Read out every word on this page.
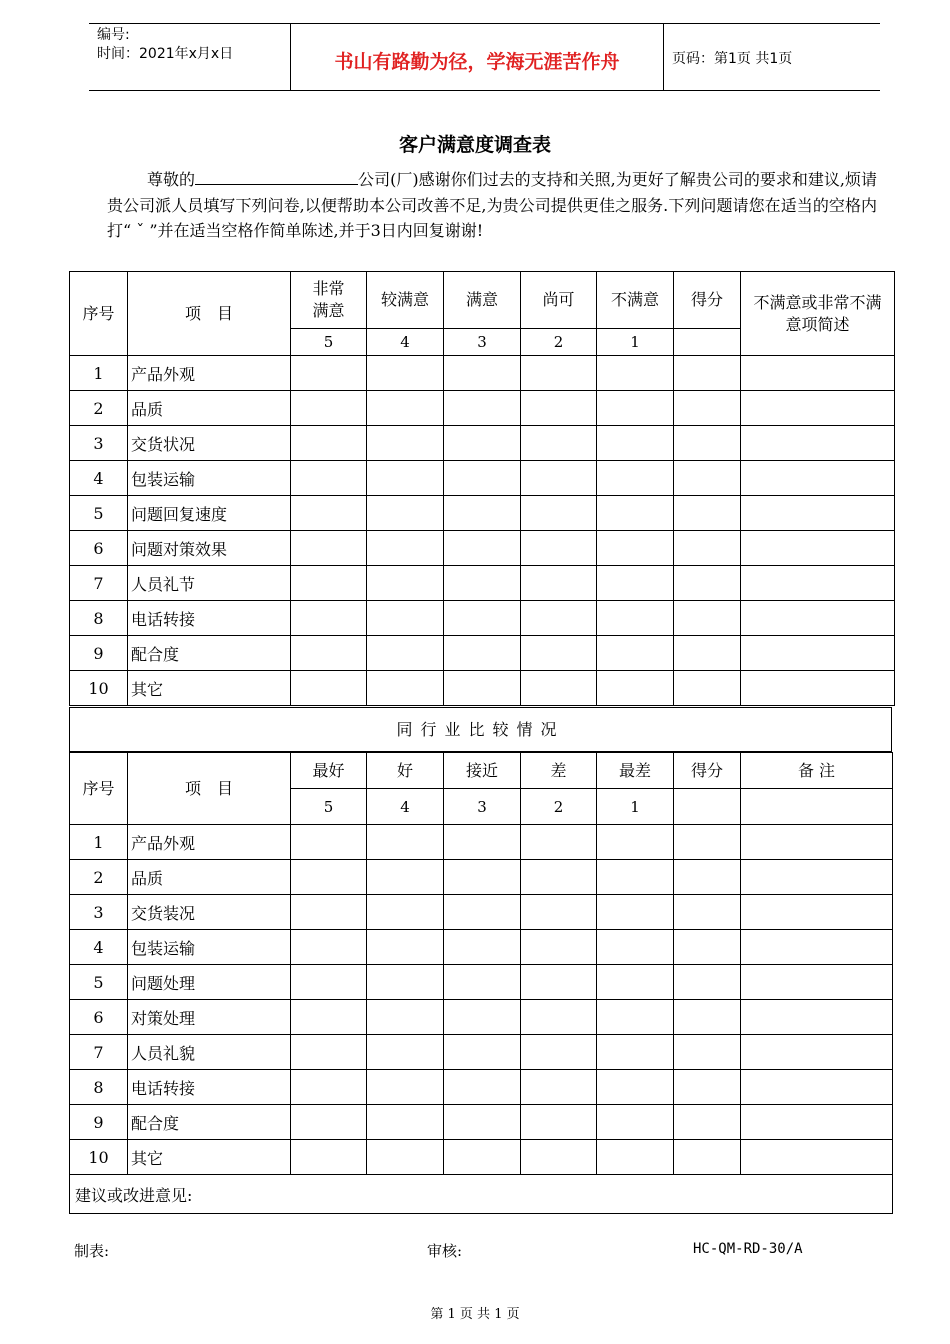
编号:
时间：2021年x月x日	书山有路勤为径，学海无涯苦作舟	页码：第1页 共1页
客户满意度调查表
尊敬的	公司(厂)感谢你们过去的支持和关照,为更好了解贵公司的要求和建议,烦请贵公司派人员填写下列问卷,以便帮助本公司改善不足,为贵公司提供更佳之服务.下列问题请您在适当的空格内打“ ˇ ”并在适当空格作简单陈述,并于3日内回复谢谢!
序号	项　目	非常满意	较满意	满意	尚可	不满意	得分	不满意或非常不满意项简述
		5	4	3	2	1		
1	产品外观							
2	品质							
3	交货状况							
4	包装运输							
5	问题回复速度							
6	问题对策效果							
7	人员礼节							
8	电话转接							
9	配合度							
10	其它							
同行业比较情况
序号	项　目	最好	好	接近	差	最差	得分	备 注
		5	4	3	2	1		
1	产品外观							
2	品质							
3	交货装况							
4	包装运输							
5	问题处理							
6	对策处理							
7	人员礼貌							
8	电话转接							
9	配合度							
10	其它							
建议或改进意见:								
制表:	审核:	HC-QM-RD-30/A
第 1 页 共 1 页
